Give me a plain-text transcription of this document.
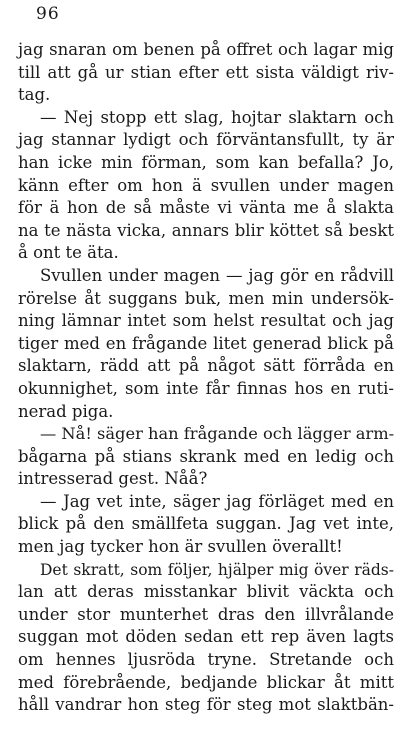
96
jag snaran om benen på offret och lagar mig
till att gå ur stian efter ett sista väldigt riv-
tag.
— Nej stopp ett slag, hojtar slaktarn och
jag stannar lydigt och förväntansfullt, ty är
han icke min förman, som kan befalla? Jo,
känn efter om hon ä svullen under magen
för ä hon de så måste vi vänta me å slakta
na te nästa vicka, annars blir köttet så beskt
å ont te äta.
Svullen under magen — jag gör en rådvill
rörelse åt suggans buk, men min undersök-
ning lämnar intet som helst resultat och jag
tiger med en frågande litet generad blick på
slaktarn, rädd att på något sätt förråda en
okunnighet, som inte får finnas hos en ruti-
nerad piga.
— Nå! säger han frågande och lägger arm-
bågarna på stians skrank med en ledig och
intresserad gest. Nåå?
— Jag vet inte, säger jag förläget med en
blick på den smällfeta suggan. Jag vet inte,
men jag tycker hon är svullen överallt!
Det skratt, som följer, hjälper mig över räds-
lan att deras misstankar blivit väckta och
under stor munterhet dras den illvrålande
suggan mot döden sedan ett rep även lagts
om hennes ljusröda tryne. Stretande och
med förebrående, bedjande blickar åt mitt
håll vandrar hon steg för steg mot slaktbän-
